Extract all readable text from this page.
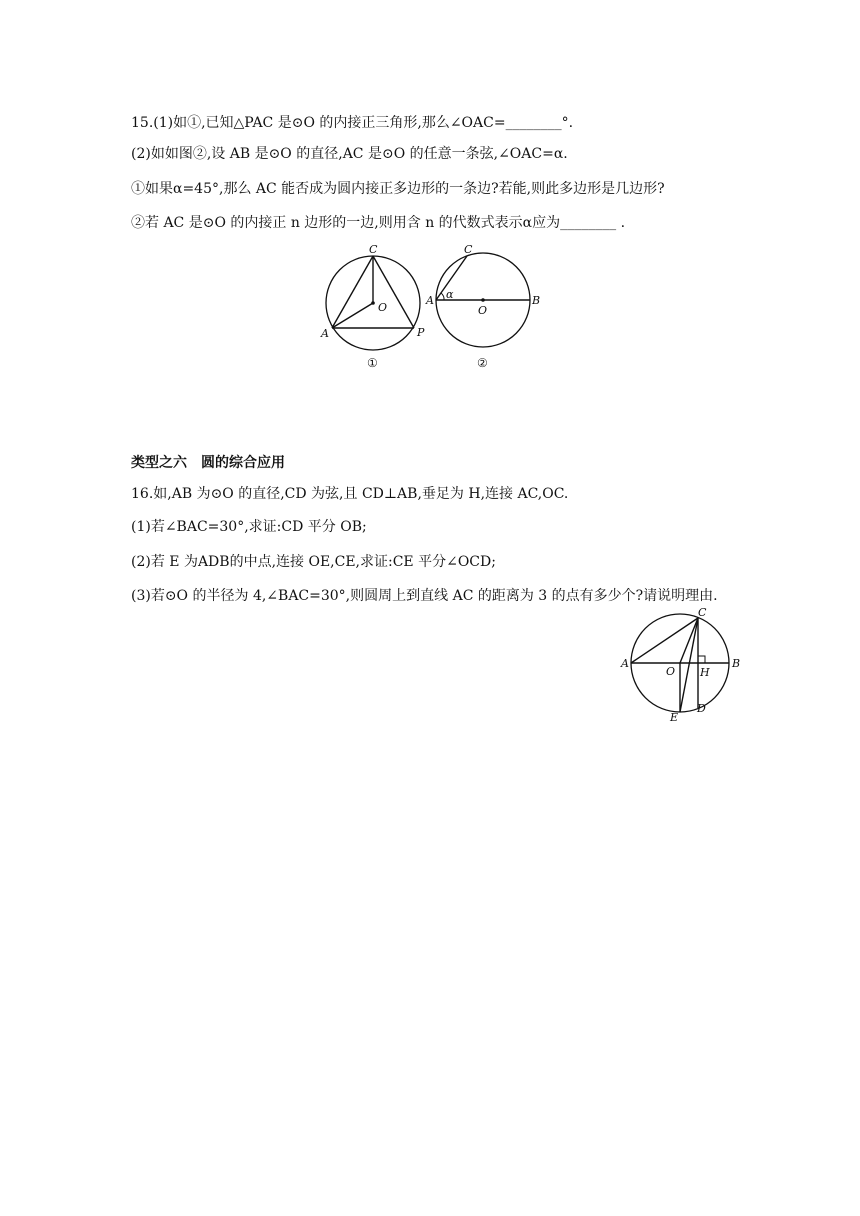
15.(1)如①,已知△PAC 是⊙O 的内接正三角形,那么∠OAC=________°.
(2)如如图②,设 AB 是⊙O 的直径,AC 是⊙O 的任意一条弦,∠OAC=α.
①如果α=45°,那么 AC 能否成为圆内接正多边形的一条边?若能,则此多边形是几边形?
②若 AC 是⊙O 的内接正 n 边形的一边,则用含 n 的代数式表示α应为________ .
C
O
A	P
①
C
A α
O
B
②
类型之六　圆的综合应用
16.如,AB 为⊙O 的直径,CD 为弦,且 CD⊥AB,垂足为 H,连接 AC,OC.
(1)若∠BAC=30°,求证:CD 平分 OB;
(2)若 E 为ADB的中点,连接 OE,CE,求证:CE 平分∠OCD;
(3)若⊙O 的半径为 4,∠BAC=30°,则圆周上到直线 AC 的距离为 3 的点有多少个?请说明理由.
C
A
O H
B
E
D
